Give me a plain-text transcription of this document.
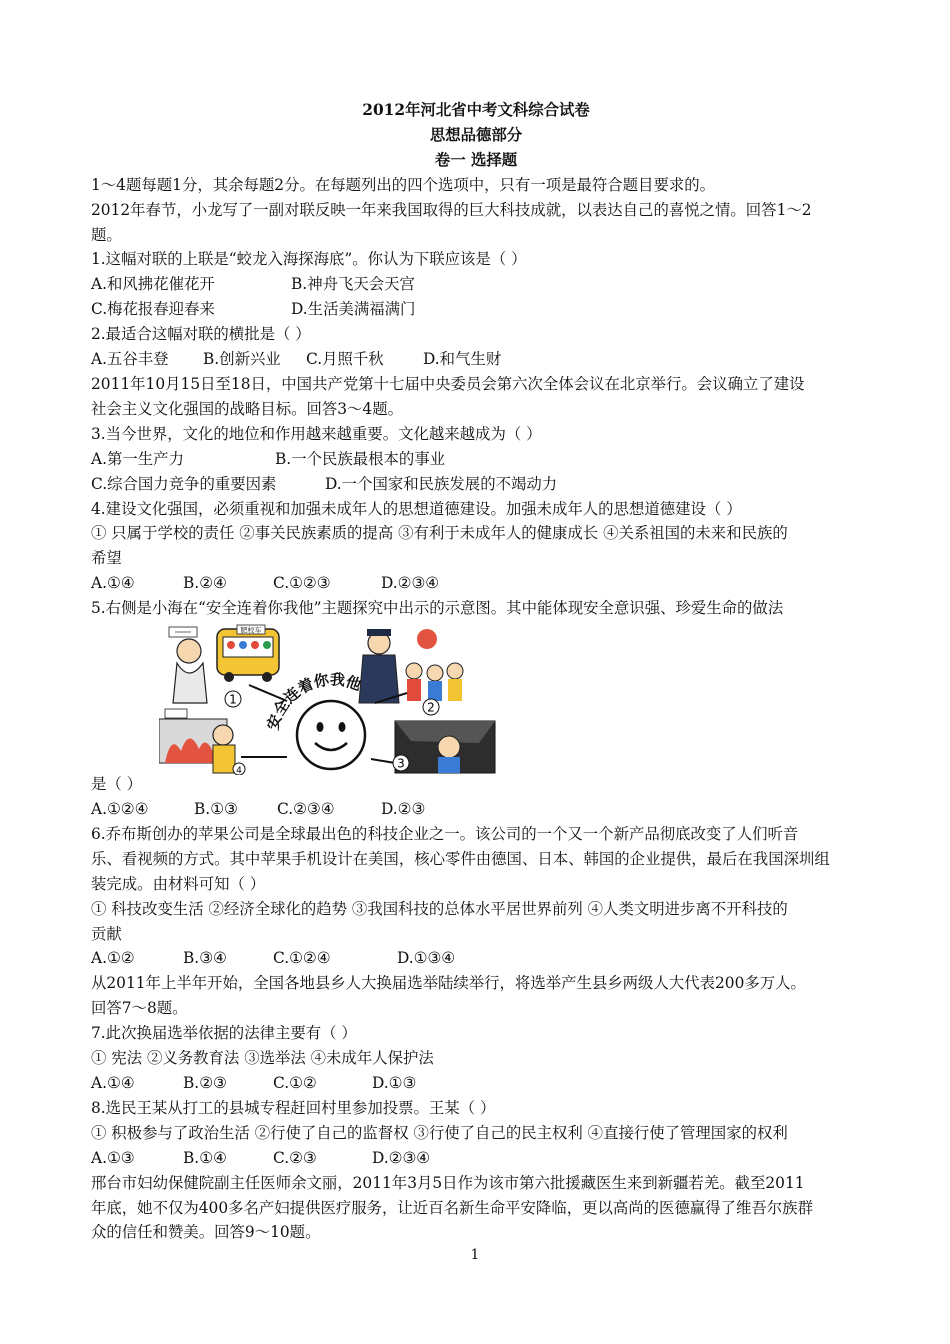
2012年河北省中考文科综合试卷
思想品德部分
卷一 选择题
1～4题每题1分，其余每题2分。在每题列出的四个选项中，只有一项是最符合题目要求的。
2012年春节，小龙写了一副对联反映一年来我国取得的巨大科技成就，以表达自己的喜悦之情。回答1～2
题。
1.这幅对联的上联是“蛟龙入海探海底”。你认为下联应该是（ ）
A.和风拂花催花开	B.神舟飞天会天宫
C.梅花报春迎春来	D.生活美满福满门
2.最适合这幅对联的横批是（ ）
A.五谷丰登 B.创新兴业 C.月照千秋	D.和气生财
2011年10月15日至18日，中国共产党第十七届中央委员会第六次全体会议在北京举行。会议确立了建设
社会主义文化强国的战略目标。回答3～4题。
3.当今世界，文化的地位和作用越来越重要。文化越来越成为（ ）
A.第一生产力	B.一个民族最根本的事业
C.综合国力竞争的重要因素	D.一个国家和民族发展的不竭动力
4.建设文化强国，必须重视和加强未成年人的思想道德建设。加强未成年人的思想道德建设（ ）
① 只属于学校的责任 ②事关民族素质的提高 ③有利于未成年人的健康成长 ④关系祖国的未来和民族的
希望
A.①④	B.②④	C.①②③	D.②③④
5.右侧是小海在“安全连着你我他”主题探究中出示的示意图。其中能体现安全意识强、珍爱生命的做法
肥校车
安全连着你我他
1
2
3
4
是（ ）
A.①②④	B.①③	C.②③④	D.②③
6.乔布斯创办的苹果公司是全球最出色的科技企业之一。该公司的一个又一个新产品彻底改变了人们听音
乐、看视频的方式。其中苹果手机设计在美国，核心零件由德国、日本、韩国的企业提供，最后在我国深圳组
装完成。由材料可知（ ）
① 科技改变生活 ②经济全球化的趋势 ③我国科技的总体水平居世界前列 ④人类文明进步离不开科技的
贡献
A.①②	B.③④	C.①②④	D.①③④
从2011年上半年开始，全国各地县乡人大换届选举陆续举行，将选举产生县乡两级人大代表200多万人。
回答7～8题。
7.此次换届选举依据的法律主要有（ ）
① 宪法 ②义务教育法 ③选举法 ④未成年人保护法
A.①④	B.②③	C.①②	D.①③
8.选民王某从打工的县城专程赶回村里参加投票。王某（ ）
① 积极参与了政治生活 ②行使了自己的监督权 ③行使了自己的民主权利 ④直接行使了管理国家的权利
A.①③	B.①④	C.②③	D.②③④
邢台市妇幼保健院副主任医师余文丽，2011年3月5日作为该市第六批援藏医生来到新疆若羌。截至2011
年底，她不仅为400多名产妇提供医疗服务，让近百名新生命平安降临，更以高尚的医德赢得了维吾尔族群
众的信任和赞美。回答9～10题。
1
